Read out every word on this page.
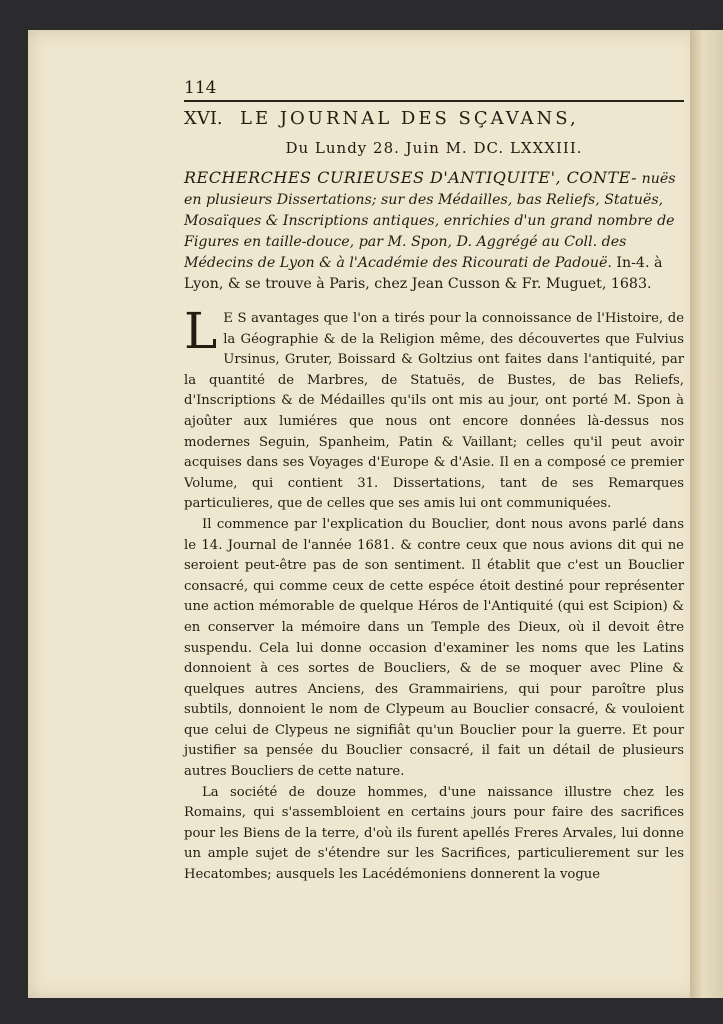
114
XVI. LE JOURNAL DES SÇAVANS,
Du Lundy 28. Juin M. DC. LXXXIII.
RECHERCHES CURIEUSES D'ANTIQUITE', CONTE- nuës en plusieurs Dissertations; sur des Médailles, bas Reliefs, Statuës, Mosaïques & Inscriptions antiques, enrichies d'un grand nombre de Figures en taille-douce, par M. Spon, D. Aggrégé au Coll. des Médecins de Lyon & à l'Académie des Ricourati de Padouë. In-4. à Lyon, & se trouve à Paris, chez Jean Cusson & Fr. Muguet, 1683.

L E S avantages que l'on a tirés pour la connoissance de l'Histoire, de la Géographie & de la Religion même, des découvertes que Fulvius Ursinus, Gruter, Boissard & Goltzius ont faites dans l'antiquité, par la quantité de Marbres, de Statuës, de Bustes, de bas Reliefs, d'Inscriptions & de Médailles qu'ils ont mis au jour, ont porté M. Spon à ajoûter aux lumiéres que nous ont encore données là-dessus nos modernes Seguin, Spanheim, Patin & Vaillant; celles qu'il peut avoir acquises dans ses Voyages d'Europe & d'Asie. Il en a composé ce premier Volume, qui contient 31. Dissertations, tant de ses Remarques particulieres, que de celles que ses amis lui ont communiquées.

Il commence par l'explication du Bouclier, dont nous avons parlé dans le 14. Journal de l'année 1681. & contre ceux que nous avions dit qui ne seroient peut-être pas de son sentiment. Il établit que c'est un Bouclier consacré, qui comme ceux de cette espéce étoit destiné pour représenter une action mémorable de quelque Héros de l'Antiquité (qui est Scipion) & en conserver la mémoire dans un Temple des Dieux, où il devoit être suspendu. Cela lui donne occasion d'examiner les noms que les Latins donnoient à ces sortes de Boucliers, & de se moquer avec Pline & quelques autres Anciens, des Grammairiens, qui pour paroître plus subtils, donnoient le nom de Clypeum au Bouclier consacré, & vouloient que celui de Clypeus ne signifiât qu'un Bouclier pour la guerre. Et pour justifier sa pensée du Bouclier consacré, il fait un détail de plusieurs autres Boucliers de cette nature.

La société de douze hommes, d'une naissance illustre chez les Romains, qui s'assembloient en certains jours pour faire des sacrifices pour les Biens de la terre, d'où ils furent apellés Freres Arvales, lui donne un ample sujet de s'étendre sur les Sacrifices, particulierement sur les Hecatombes; ausquels les Lacédémoniens donnerent la vogue
